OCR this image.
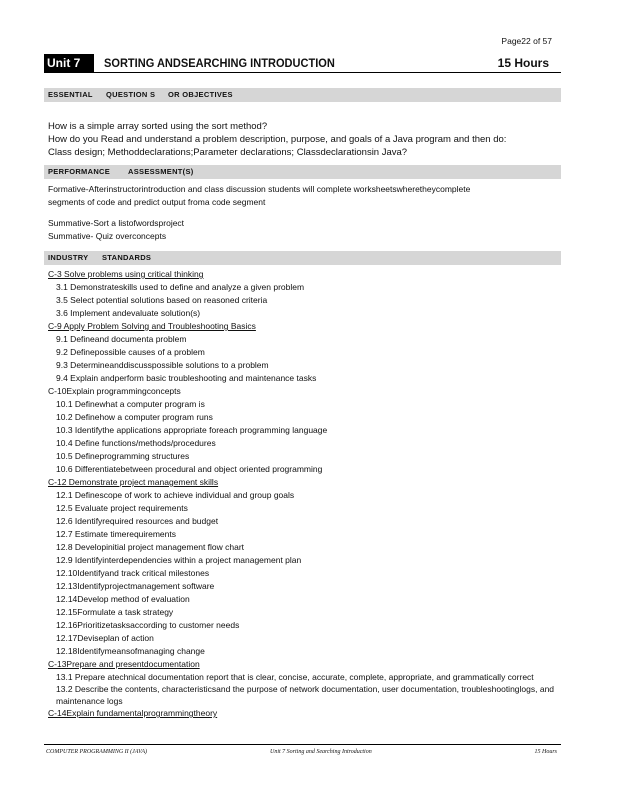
Page22 of 57
Unit 7	SORTING ANDSEARCHING INTRODUCTION	15 Hours
ESSENTIAL QUESTION S OR OBJECTIVES

How is a simple array sorted using the sort method?

How do you Read and understand a problem description, purpose, and goals of a Java program and then do:

Class design; Methoddeclarations;Parameter declarations; Classdeclarationsin Java?

PERFORMANCE ASSESSMENT(S)

Formative-Afterinstructorintroduction and class discussion students will complete worksheetswheretheycomplete

segments of code and predict output froma code segment

Summative-Sort a listofwordsproject

Summative- Quiz overconcepts

INDUSTRY STANDARDS
C-3 Solve problems using critical thinking
3.1 Demonstrateskills used to define and analyze a given problem
3.5 Select potential solutions based on reasoned criteria
3.6 Implement andevaluate solution(s)
C-9 Apply Problem Solving and Troubleshooting Basics
9.1 Defineand documenta problem
9.2 Definepossible causes of a problem
9.3 Determineanddiscusspossible solutions to a problem
9.4 Explain andperform basic troubleshooting and maintenance tasks
C-10Explain programmingconcepts
10.1 Definewhat a computer program is
10.2 Definehow a computer program runs
10.3 Identifythe applications appropriate foreach programming language
10.4 Define functions/methods/procedures
10.5 Defineprogramming structures
10.6 Differentiatebetween procedural and object oriented programming
C-12 Demonstrate project management skills
12.1 Definescope of work to achieve individual and group goals
12.5 Evaluate project requirements
12.6 Identifyrequired resources and budget
12.7 Estimate timerequirements
12.8 Developinitial project management flow chart
12.9 Identifyinterdependencies within a project management plan
12.10Identifyand track critical milestones
12.13Identifyprojectmanagement software
12.14Develop method of evaluation
12.15Formulate a task strategy
12.16Prioritizetasksaccording to customer needs
12.17Deviseplan of action
12.18Identifymeansofmanaging change
C-13Prepare and presentdocumentation
13.1 Prepare atechnical documentation report that is clear, concise, accurate, complete, appropriate, and grammatically correct
13.2 Describe the contents, characteristicsand the purpose of network documentation, user documentation, troubleshootinglogs, and maintenance logs
C-14Explain fundamentalprogrammingtheory
COMPUTER PROGRAMMING II (JAVA)	Unit 7 Sorting and Searching Introduction	15 Hours
